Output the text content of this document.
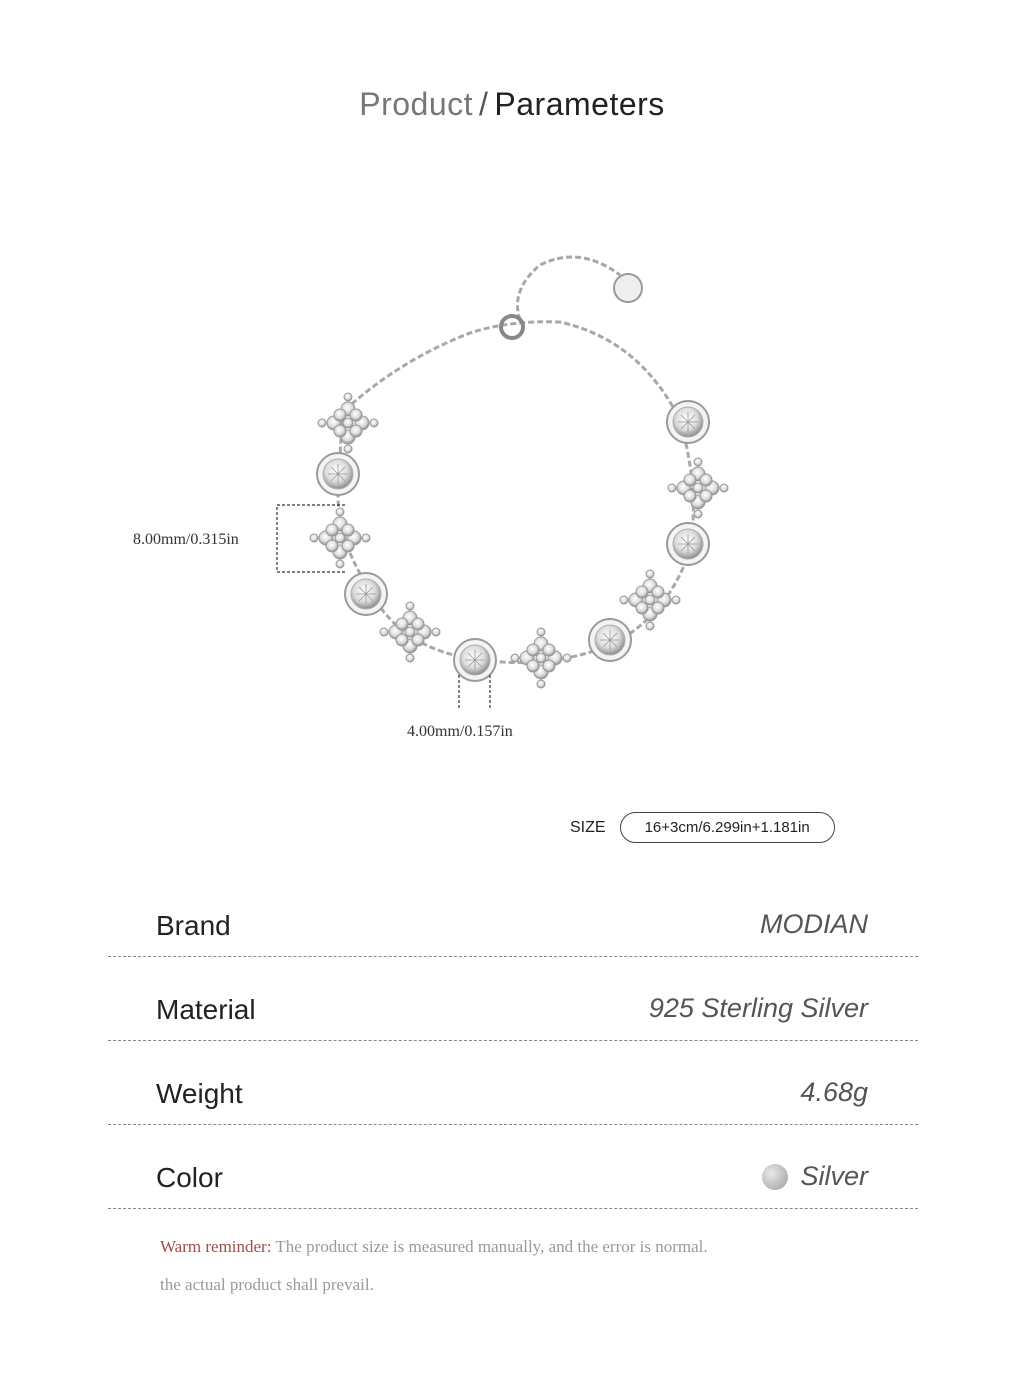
Product / Parameters
8.00mm/0.315in
4.00mm/0.157in
SIZE	16+3cm/6.299in+1.181in
Brand	MODIAN
Material	925 Sterling Silver
Weight	4.68g
Color	Silver
Warm reminder: The product size is measured manually, and the error is normal.
the actual product shall prevail.
